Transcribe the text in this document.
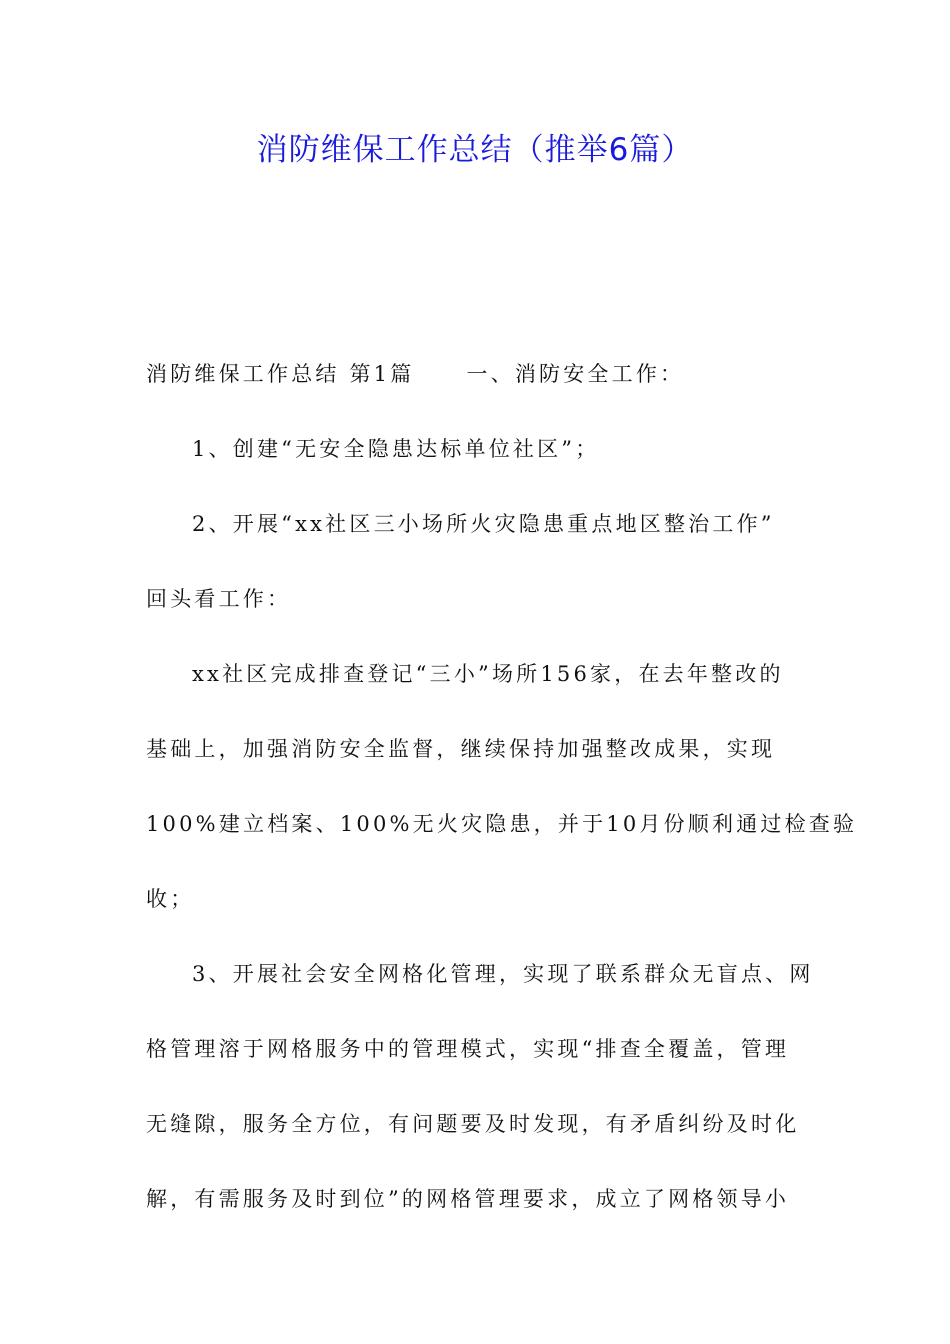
消防维保工作总结（推举6篇）
消防维保工作总结 第1篇 一、消防安全工作：
1、创建“无安全隐患达标单位社区”；
2、开展“xx社区三小场所火灾隐患重点地区整治工作”
回头看工作：
xx社区完成排查登记“三小”场所156家，在去年整改的
基础上，加强消防安全监督，继续保持加强整改成果，实现
100%建立档案、100%无火灾隐患，并于10月份顺利通过检查验
收；
3、开展社会安全网格化管理，实现了联系群众无盲点、网
格管理溶于网格服务中的管理模式，实现“排查全覆盖，管理
无缝隙，服务全方位，有问题要及时发现，有矛盾纠纷及时化
解，有需服务及时到位”的网格管理要求，成立了网格领导小
